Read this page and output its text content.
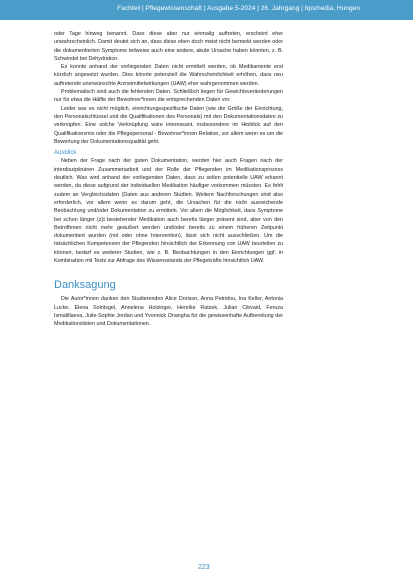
Fachteil | Pflegewissenschaft | Ausgabe 5-2024 | 26. Jahrgang | hpsmedia, Hungen

oder Tage hinweg benannt. Dass diese aber nur einmalig auftreten, erscheint eher unwahrscheinlich. Damit deutet sich an, dass diese eben doch meist nicht bemerkt werden oder die dokumentierten Symptome teilweise auch eine andere, akute Ursache haben könnten, z. B. Schwindel bei Dehydration.

Es konnte anhand der vorliegenden Daten nicht ermittelt werden, ob Medikamente erst kürzlich angesetzt wurden. Dies könnte potenziell die Wahrscheinlichkeit erhöhen, dass neu auftretende unerwünschte Arzneimittelwirkungen (UAW) eher wahrgenommen werden.

Problematisch sind auch die fehlenden Daten. Schließlich liegen für Gewichtsveränderungen nur für etwa die Hälfte der Bewohner*innen die entsprechenden Daten vor.

Leider war es nicht möglich, einrichtungsspezifische Daten (wie die Größe der Einrichtung, den Personalschlüssel und die Qualifikationen des Personals) mit den Dokumentationsdaten zu verknüpfen. Eine solche Verknüpfung wäre interessant, insbesondere im Hinblick auf den Qualifikationsmix oder die Pflegepersonal - Bewohner*innen Relation, vor allem wenn es um die Bewertung der Dokumentationsqualität geht.

Ausblick

Neben der Frage nach der guten Dokumentation, werden hier auch Fragen nach der interdisziplinären Zusammenarbeit und der Rolle der Pflegenden im Medikationsprozess deutlich. Was wird anhand der vorliegenden Daten, dass zu selten potentielle UAW erkannt werden, da diese aufgrund der individuellen Medikation häufiger vorkommen müssten. Es fehlt zudem an Vergleichsdaten (Daten aus anderen Studien. Weitere Nachforschungen sind also erforderlich, vor allem wenn es darum geht, die Ursachen für die nicht ausreichende Beobachtung und/oder Dokumentation zu ermitteln. Vor allem die Möglichkeit, dass Symptome bei schon länger (z)t bestehender Medikation auch bereits länger präsent sind, aber von den Betroffenen nicht mehr geäußert werden und/oder bereits zu einem früheren Zeitpunkt dokumentiert wurden (mit oder ohne Intervention), lässt sich nicht ausschließen. Um die tatsächlichen Kompetenzen der Pflegenden hinsichtlich der Erkennung von UAW beurteilen zu können, bedarf es weiterer Studien, wie z. B. Beobachtungen in den Einrichtungen ggf. in Kombination mit Tests zur Abfrage des Wissensstands der Pflegekräfte hinsichtlich UAW.

Danksagung

Die Autor*innen danken den Studierenden Alice Dorison, Anna Petridou, Ina Keller, Antonia Lucke, Elena Solntsgel, Annelena Holzinger, Henrike Ratzek, Julian Cibvaid, Feruza Ismatillaeva, Julie-Sophie Jordan und Yvonnick Onangha für die gewissenhafte Aufbereitung der Medikationslisten und Dokumentationen.

223
